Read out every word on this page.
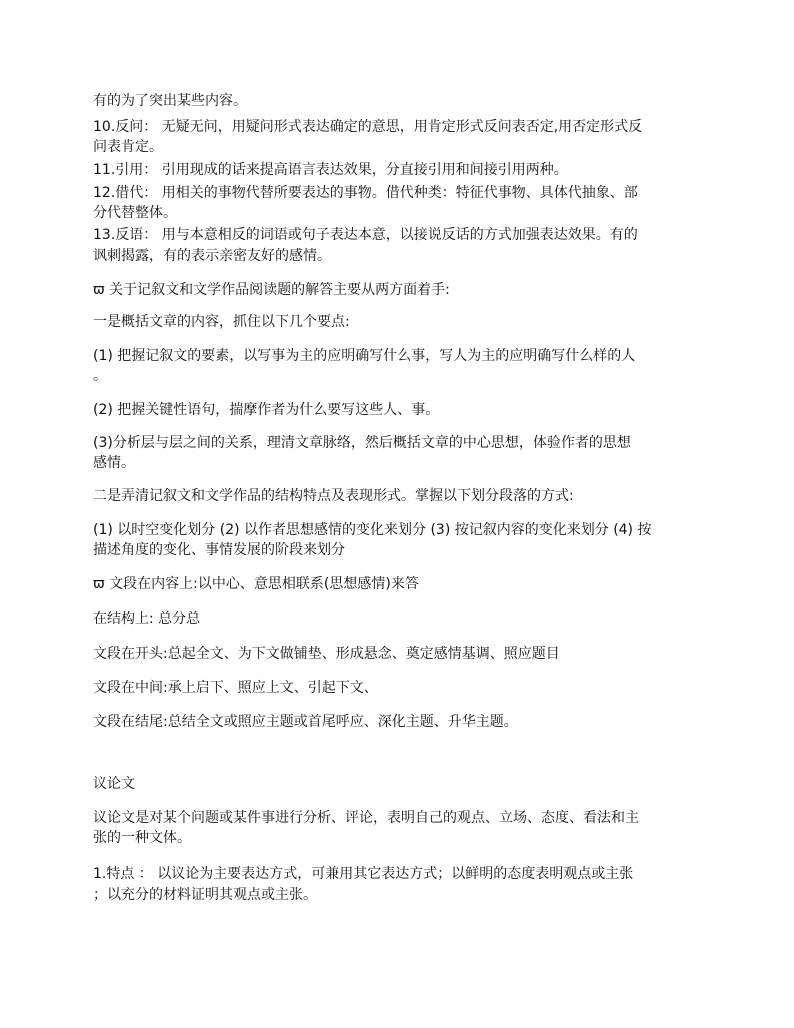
有的为了突出某些内容。
10.反问： 无疑无问，用疑问形式表达确定的意思，用肯定形式反问表否定,用否定形式反
问表肯定。
11.引用： 引用现成的话来提高语言表达效果，分直接引用和间接引用两种。
12.借代： 用相关的事物代替所要表达的事物。借代种类：特征代事物、具体代抽象、部
分代替整体。
13.反语： 用与本意相反的词语或句子表达本意，以接说反话的方式加强表达效果。有的
讽刺揭露，有的表示亲密友好的感情。
ϖ 关于记叙文和文学作品阅读题的解答主要从两方面着手:
一是概括文章的内容，抓住以下几个要点:
(1) 把握记叙文的要素，以写事为主的应明确写什么事，写人为主的应明确写什么样的人
。
(2) 把握关键性语句，揣摩作者为什么要写这些人、事。
(3)分析层与层之间的关系，理清文章脉络，然后概括文章的中心思想，体验作者的思想
感情。
二是弄清记叙文和文学作品的结构特点及表现形式。掌握以下划分段落的方式:
(1) 以时空变化划分 (2) 以作者思想感情的变化来划分 (3) 按记叙内容的变化来划分 (4) 按
描述角度的变化、事情发展的阶段来划分
ϖ 文段在内容上:以中心、意思相联系(思想感情)来答
在结构上: 总分总
文段在开头:总起全文、为下文做铺垫、形成悬念、奠定感情基调、照应题目
文段在中间:承上启下、照应上文、引起下文、
文段在结尾:总结全文或照应主题或首尾呼应、深化主题、升华主题。
议论文
议论文是对某个问题或某件事进行分析、评论，表明自己的观点、立场、态度、看法和主
张的一种文体。
1.特点 ： 以议论为主要表达方式，可兼用其它表达方式；以鲜明的态度表明观点或主张
；以充分的材料证明其观点或主张。
